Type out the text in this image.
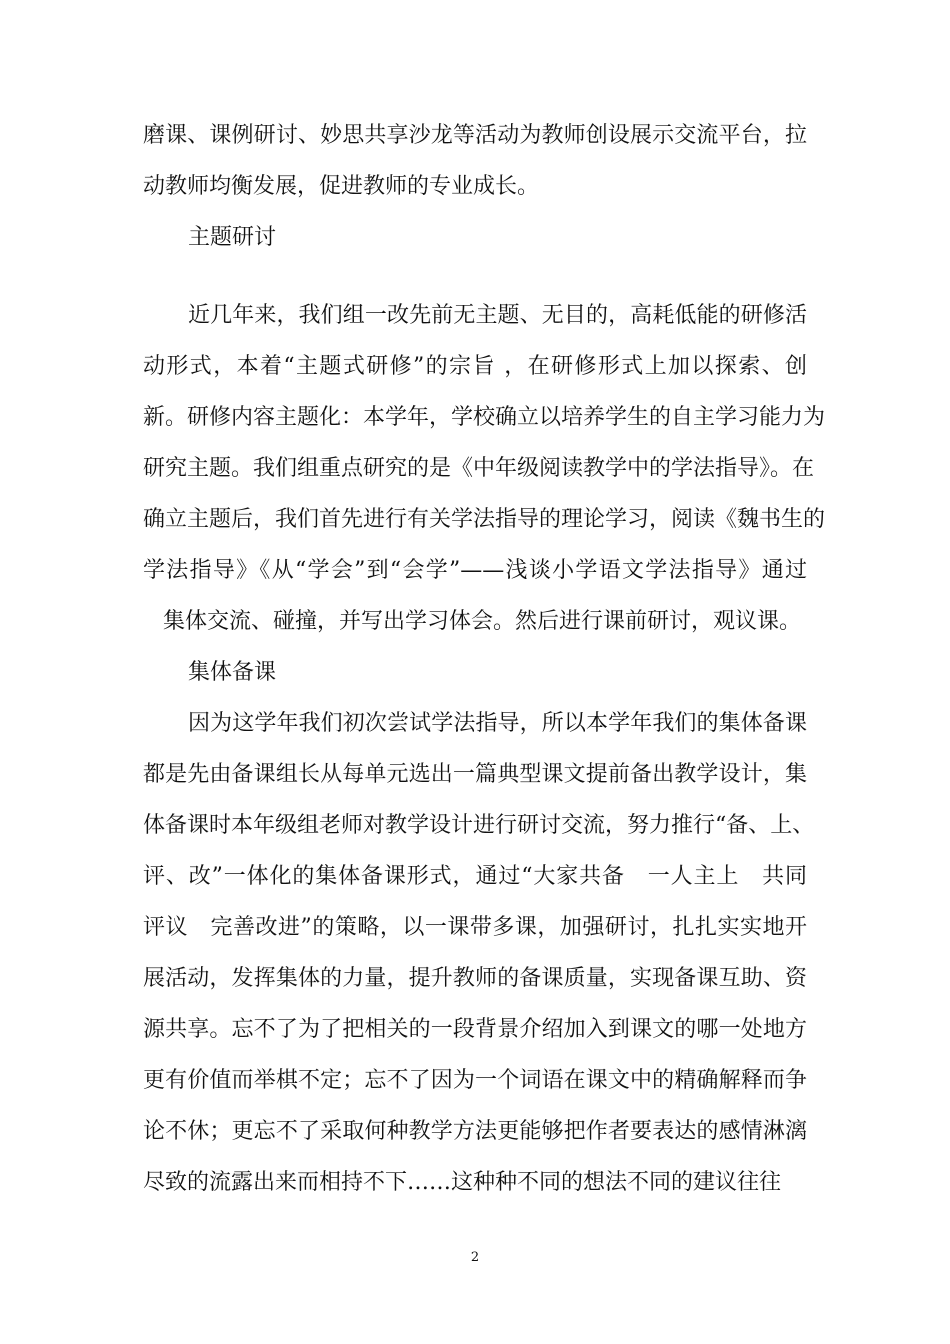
磨课、课例研讨、妙思共享沙龙等活动为教师创设展示交流平台，拉
动教师均衡发展，促进教师的专业成长。
主题研讨
近几年来，我们组一改先前无主题、无目的，高耗低能的研修活
动形式，本着“主题式研修”的宗旨 ，在研修形式上加以探索、创
新。研修内容主题化：本学年，学校确立以培养学生的自主学习能力为
研究主题。我们组重点研究的是《中年级阅读教学中的学法指导》。在
确立主题后，我们首先进行有关学法指导的理论学习，阅读《魏书生的
学法指导》《从“学会”到“会学”——浅谈小学语文学法指导》通过
集体交流、碰撞，并写出学习体会。然后进行课前研讨，观议课。
集体备课
因为这学年我们初次尝试学法指导，所以本学年我们的集体备课
都是先由备课组长从每单元选出一篇典型课文提前备出教学设计，集
体备课时本年级组老师对教学设计进行研讨交流，努力推行“备、上、
评、改”一体化的集体备课形式，通过“大家共备　一人主上　共同
评议　完善改进”的策略，以一课带多课，加强研讨，扎扎实实地开
展活动，发挥集体的力量，提升教师的备课质量，实现备课互助、资
源共享。忘不了为了把相关的一段背景介绍加入到课文的哪一处地方
更有价值而举棋不定；忘不了因为一个词语在课文中的精确解释而争
论不休；更忘不了采取何种教学方法更能够把作者要表达的感情淋漓
尽致的流露出来而相持不下……这种种不同的想法不同的建议往往
2
